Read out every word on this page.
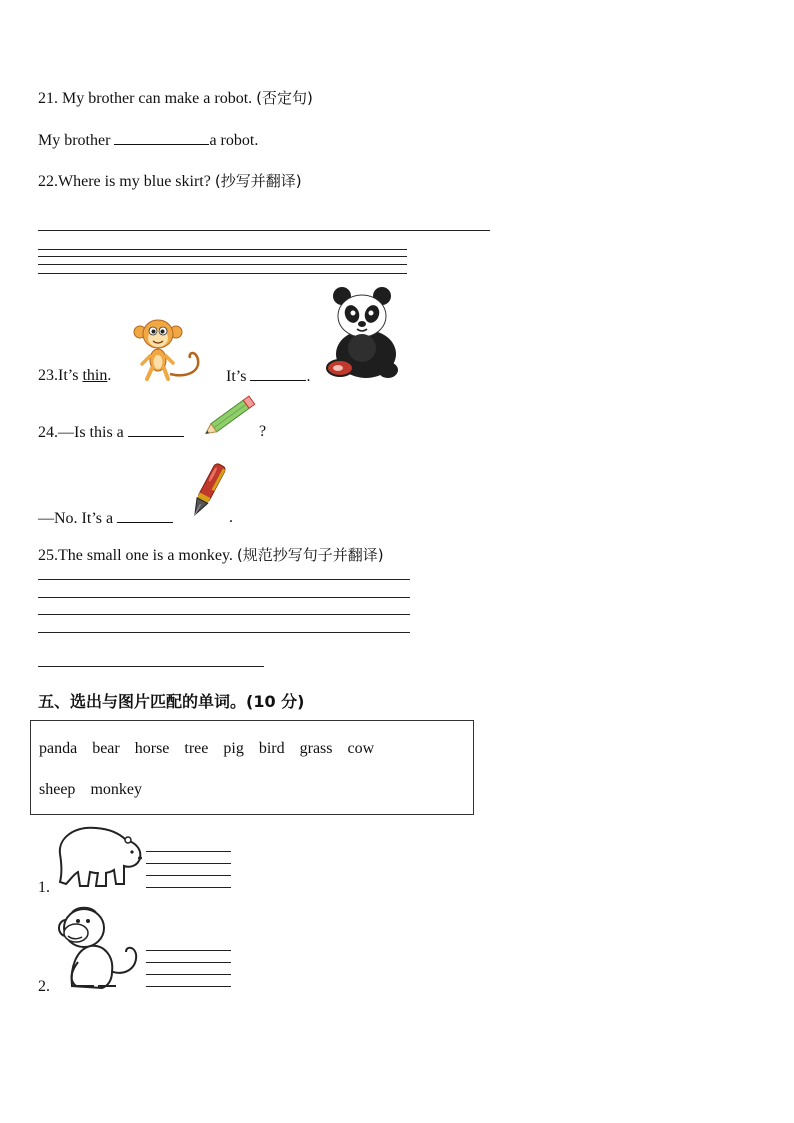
21. My brother can make a robot. (否定句)
My brother	a robot.
22.Where is my blue skirt? (抄写并翻译)
23.It’s thin.	It’s	.
24.—Is this a	?
—No. It’s a	.
25.The small one is a monkey. (规范抄写句子并翻译)
五、选出与图片匹配的单词。(10 分)
panda bear horse tree pig bird grass cow
sheep monkey
1.
2.
